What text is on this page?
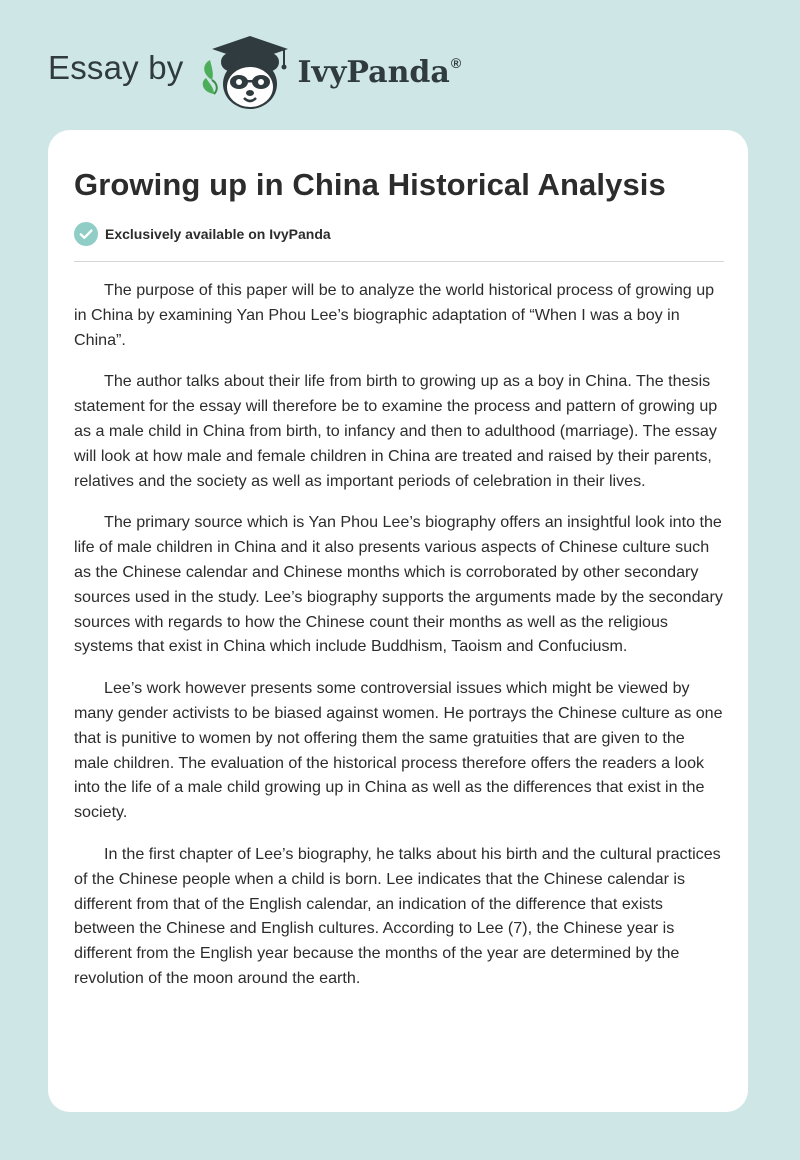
Essay by	IvyPanda®
Growing up in China Historical Analysis
Exclusively available on IvyPanda

The purpose of this paper will be to analyze the world historical process of growing up in China by examining Yan Phou Lee’s biographic adaptation of “When I was a boy in China”.

The author talks about their life from birth to growing up as a boy in China. The thesis statement for the essay will therefore be to examine the process and pattern of growing up as a male child in China from birth, to infancy and then to adulthood (marriage). The essay will look at how male and female children in China are treated and raised by their parents, relatives and the society as well as important periods of celebration in their lives.

The primary source which is Yan Phou Lee’s biography offers an insightful look into the life of male children in China and it also presents various aspects of Chinese culture such as the Chinese calendar and Chinese months which is corroborated by other secondary sources used in the study. Lee’s biography supports the arguments made by the secondary sources with regards to how the Chinese count their months as well as the religious systems that exist in China which include Buddhism, Taoism and Confuciusm.

Lee’s work however presents some controversial issues which might be viewed by many gender activists to be biased against women. He portrays the Chinese culture as one that is punitive to women by not offering them the same gratuities that are given to the male children. The evaluation of the historical process therefore offers the readers a look into the life of a male child growing up in China as well as the differences that exist in the society.

In the first chapter of Lee’s biography, he talks about his birth and the cultural practices of the Chinese people when a child is born. Lee indicates that the Chinese calendar is different from that of the English calendar, an indication of the difference that exists between the Chinese and English cultures. According to Lee (7), the Chinese year is different from the English year because the months of the year are determined by the revolution of the moon around the earth.
